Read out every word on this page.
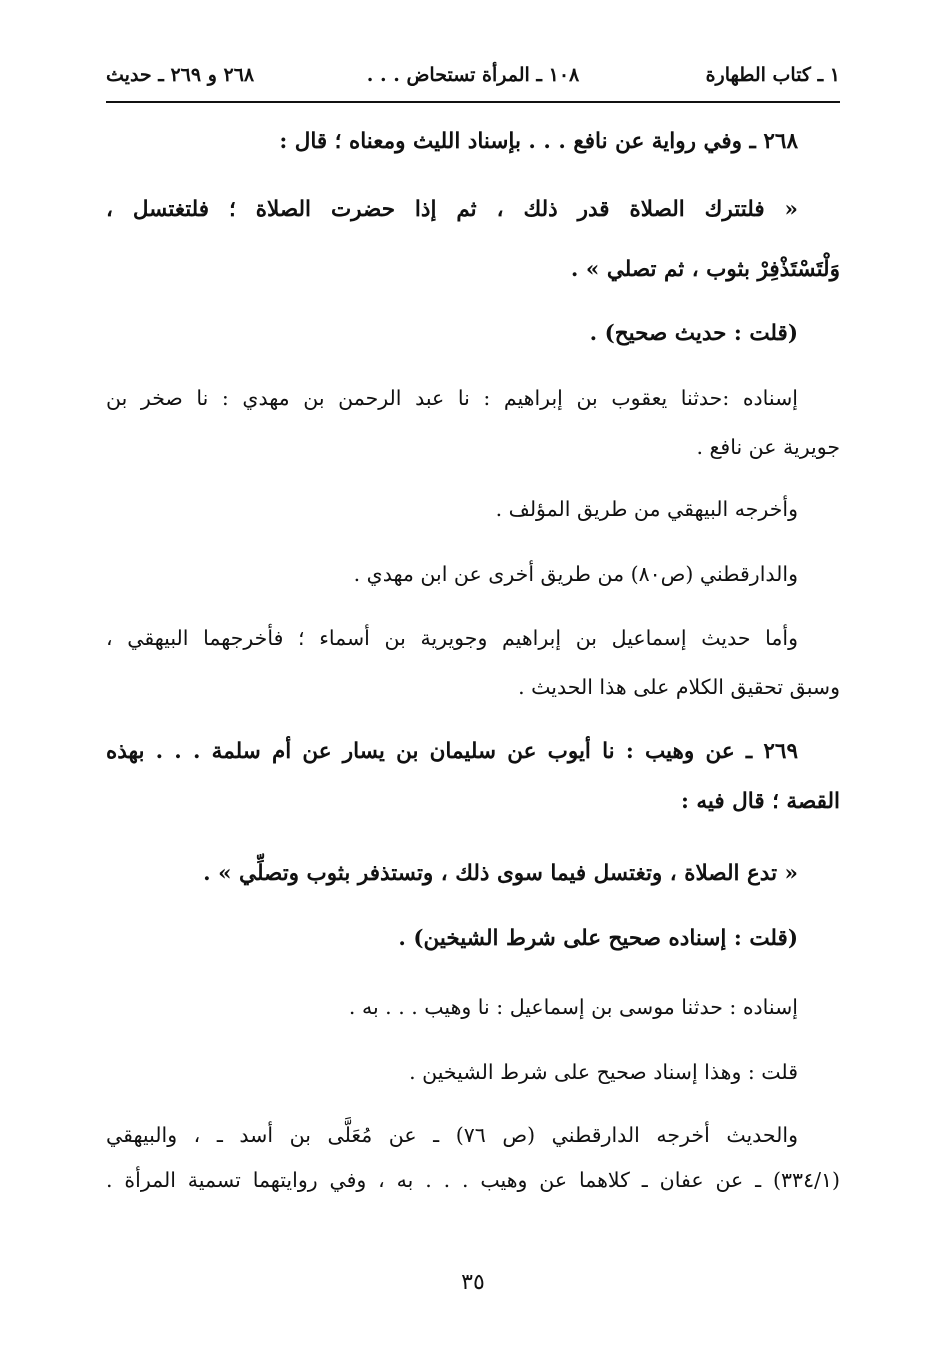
١ ـ كتاب الطهارة
١٠٨ ـ المرأة تستحاض . . .
٢٦٨ و ٢٦٩ ـ حديث
٢٦٨ ـ وفي رواية عن نافع . . . بإسناد الليث ومعناه ؛ قال :
« فلتترك الصلاة قدر ذلك ، ثم إذا حضرت الصلاة ؛ فلتغتسل ،
وَلْتَسْتَذْفِرْ بثوب ، ثم تصلي » .
(قلت : حديث صحيح) .
إسناده :حدثنا يعقوب بن إبراهيم : نا عبد الرحمن بن مهدي : نا صخر بن
جويرية عن نافع .
وأخرجه البيهقي من طريق المؤلف .
والدارقطني (ص٨٠) من طريق أخرى عن ابن مهدي .
وأما حديث إسماعيل بن إبراهيم وجويرية بن أسماء ؛ فأخرجهما البيهقي ،
وسبق تحقيق الكلام على هذا الحديث .
٢٦٩ ـ عن وهيب : نا أيوب عن سليمان بن يسار عن أم سلمة . . . بهذه
القصة ؛ قال فيه :
« تدع الصلاة ، وتغتسل فيما سوى ذلك ، وتستذفر بثوب وتصلِّي » .
(قلت : إسناده صحيح على شرط الشيخين) .
إسناده : حدثنا موسى بن إسماعيل : نا وهيب . . . به .
قلت : وهذا إسناد صحيح على شرط الشيخين .
والحديث أخرجه الدارقطني (ص ٧٦) ـ عن مُعَلَّى بن أسد ـ ، والبيهقي
(٣٣٤/١) ـ عن عفان ـ كلاهما عن وهيب . . . به ، وفي روايتهما تسمية المرأة .
٣٥
